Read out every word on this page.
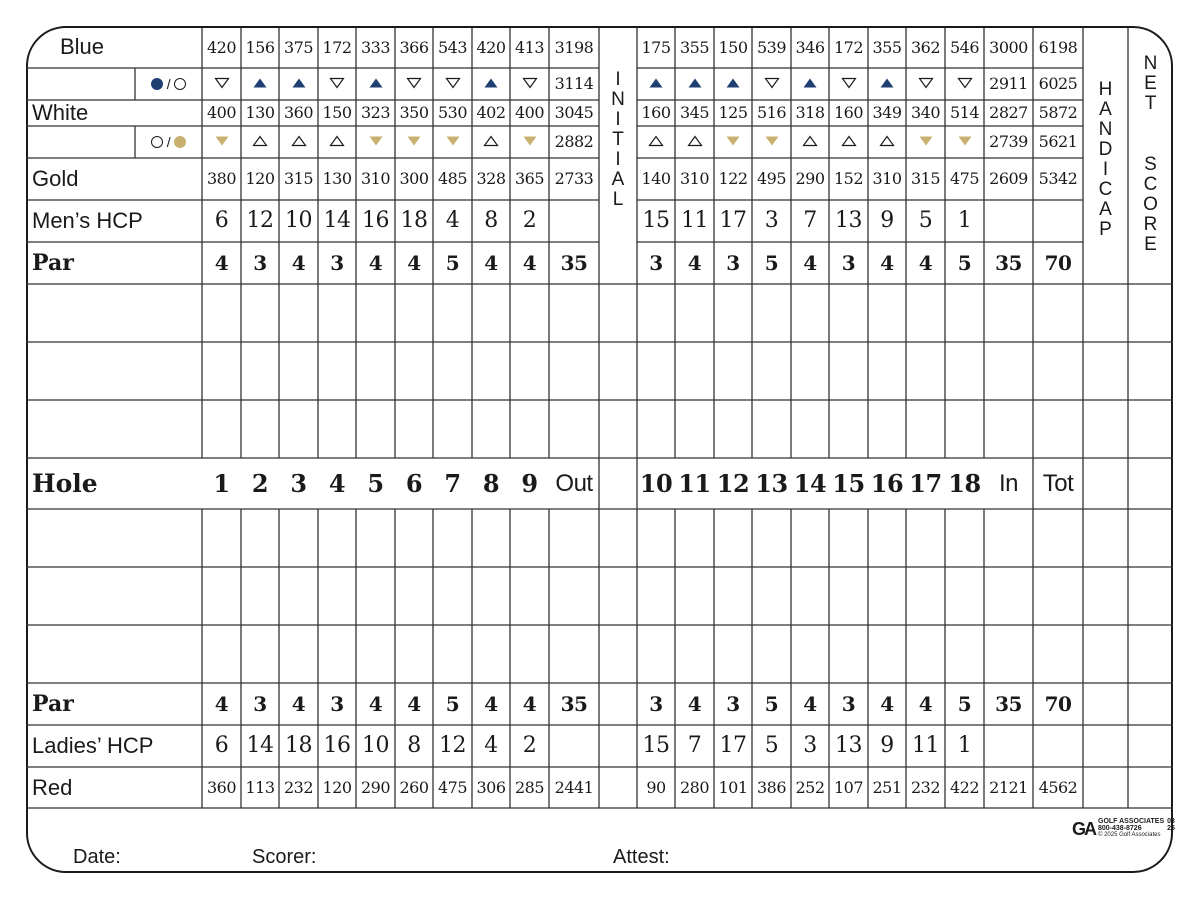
Blue	420 156 375 172 333 366 543 420 413 3198	175 355 150 539 346 172 355 362 546 3000 6198
/	3114	2911 6025
White	400 130 360 150 323 350 530 402 400 3045	160 345 125 516 318 160 349 340 514 2827 5872
/	2882	2739 5621
Gold	380 120 315 130 310 300 485 328 365 2733	140 310 122 495 290 152 310 315 475 2609 5342
Men’s HCP	6 12 10 14 16 18 4	8	2	15 11 17 3	7 13 9	5	1
Par	4	3	4	3	4	4	5	4	4	35	3	4	3	5	4	3	4	4	5	35	70
Hole	1 2 3 4 5 6 7 8 9 Out 10 11 12 13 14 15 16 17 18 In	Tot
Par	4	3	4	3	4	4	5	4	4	35	3	4	3	5	4	3	4	4	5	35	70
Ladies’ HCP	6 14 18 16 10 8 12 4	2	15 7 17 5	3 13 9 11 1
Red	360 113 232 120 290 260 475 306 285 2441	90 280 101 386 252 107 251 232 422 2121 4562
I
N
I
T
I
A
L
H
A
N
D
I
C
A
P
N
E
T
S
C
O
R
E
Date:	Scorer:	Attest:
GA GOLF ASSOCIATES
800-438-8726
© 2025 Golf Associates
03
25
